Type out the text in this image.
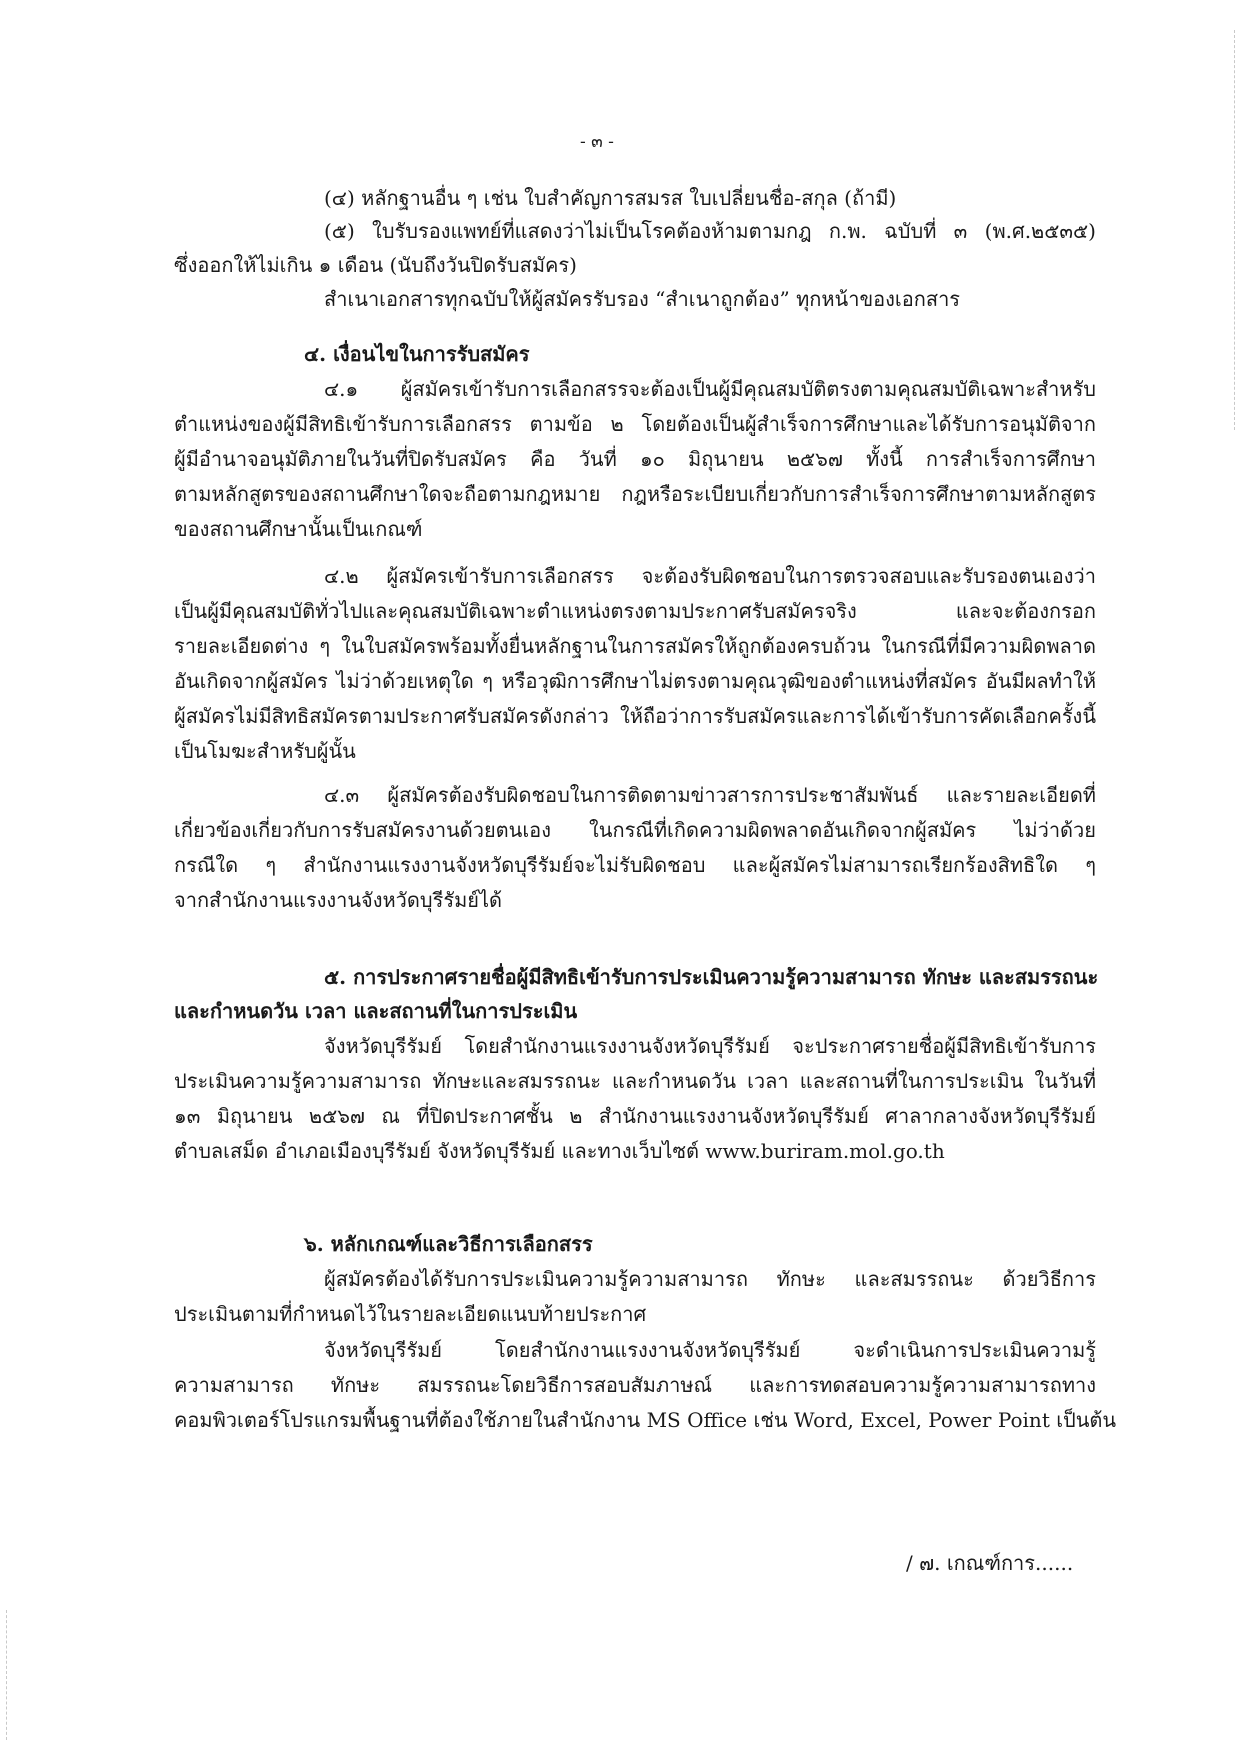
- ๓ -
(๔) หลักฐานอื่น ๆ เช่น ใบสำคัญการสมรส ใบเปลี่ยนชื่อ-สกุล (ถ้ามี)
(๕) ใบรับรองแพทย์ที่แสดงว่าไม่เป็นโรคต้องห้ามตามกฎ ก.พ. ฉบับที่ ๓ (พ.ศ.๒๕๓๕)
ซึ่งออกให้ไม่เกิน ๑ เดือน (นับถึงวันปิดรับสมัคร)
สำเนาเอกสารทุกฉบับให้ผู้สมัครรับรอง “สำเนาถูกต้อง” ทุกหน้าของเอกสาร
๔. เงื่อนไขในการรับสมัคร
๔.๑ ผู้สมัครเข้ารับการเลือกสรรจะต้องเป็นผู้มีคุณสมบัติตรงตามคุณสมบัติเฉพาะสำหรับ
ตำแหน่งของผู้มีสิทธิเข้ารับการเลือกสรร ตามข้อ ๒ โดยต้องเป็นผู้สำเร็จการศึกษาและได้รับการอนุมัติจาก
ผู้มีอำนาจอนุมัติภายในวันที่ปิดรับสมัคร คือ วันที่ ๑๐ มิถุนายน ๒๕๖๗ ทั้งนี้ การสำเร็จการศึกษา
ตามหลักสูตรของสถานศึกษาใดจะถือตามกฎหมาย กฎหรือระเบียบเกี่ยวกับการสำเร็จการศึกษาตามหลักสูตร
ของสถานศึกษานั้นเป็นเกณฑ์
๔.๒ ผู้สมัครเข้ารับการเลือกสรร จะต้องรับผิดชอบในการตรวจสอบและรับรองตนเองว่า
เป็นผู้มีคุณสมบัติทั่วไปและคุณสมบัติเฉพาะตำแหน่งตรงตามประกาศรับสมัครจริง และจะต้องกรอก
รายละเอียดต่าง ๆ ในใบสมัครพร้อมทั้งยื่นหลักฐานในการสมัครให้ถูกต้องครบถ้วน ในกรณีที่มีความผิดพลาด
อันเกิดจากผู้สมัคร ไม่ว่าด้วยเหตุใด ๆ หรือวุฒิการศึกษาไม่ตรงตามคุณวุฒิของตำแหน่งที่สมัคร อันมีผลทำให้
ผู้สมัครไม่มีสิทธิสมัครตามประกาศรับสมัครดังกล่าว ให้ถือว่าการรับสมัครและการได้เข้ารับการคัดเลือกครั้งนี้
เป็นโมฆะสำหรับผู้นั้น
๔.๓ ผู้สมัครต้องรับผิดชอบในการติดตามข่าวสารการประชาสัมพันธ์ และรายละเอียดที่
เกี่ยวข้องเกี่ยวกับการรับสมัครงานด้วยตนเอง ในกรณีที่เกิดความผิดพลาดอันเกิดจากผู้สมัคร ไม่ว่าด้วย
กรณีใด ๆ สำนักงานแรงงานจังหวัดบุรีรัมย์จะไม่รับผิดชอบ และผู้สมัครไม่สามารถเรียกร้องสิทธิใด ๆ
จากสำนักงานแรงงานจังหวัดบุรีรัมย์ได้
๕. การประกาศรายชื่อผู้มีสิทธิเข้ารับการประเมินความรู้ความสามารถ ทักษะ และสมรรถนะ
และกำหนดวัน เวลา และสถานที่ในการประเมิน
จังหวัดบุรีรัมย์ โดยสำนักงานแรงงานจังหวัดบุรีรัมย์ จะประกาศรายชื่อผู้มีสิทธิเข้ารับการ
ประเมินความรู้ความสามารถ ทักษะและสมรรถนะ และกำหนดวัน เวลา และสถานที่ในการประเมิน ในวันที่
๑๓ มิถุนายน ๒๕๖๗ ณ ที่ปิดประกาศชั้น ๒ สำนักงานแรงงานจังหวัดบุรีรัมย์ ศาลากลางจังหวัดบุรีรัมย์
ตำบลเสม็ด อำเภอเมืองบุรีรัมย์ จังหวัดบุรีรัมย์ และทางเว็บไซต์ www.buriram.mol.go.th
๖. หลักเกณฑ์และวิธีการเลือกสรร
ผู้สมัครต้องได้รับการประเมินความรู้ความสามารถ ทักษะ และสมรรถนะ ด้วยวิธีการ
ประเมินตามที่กำหนดไว้ในรายละเอียดแนบท้ายประกาศ
จังหวัดบุรีรัมย์ โดยสำนักงานแรงงานจังหวัดบุรีรัมย์ จะดำเนินการประเมินความรู้
ความสามารถ ทักษะ สมรรถนะโดยวิธีการสอบสัมภาษณ์ และการทดสอบความรู้ความสามารถทาง
คอมพิวเตอร์โปรแกรมพื้นฐานที่ต้องใช้ภายในสำนักงาน MS Office เช่น Word, Excel, Power Point เป็นต้น
/ ๗. เกณฑ์การ......
